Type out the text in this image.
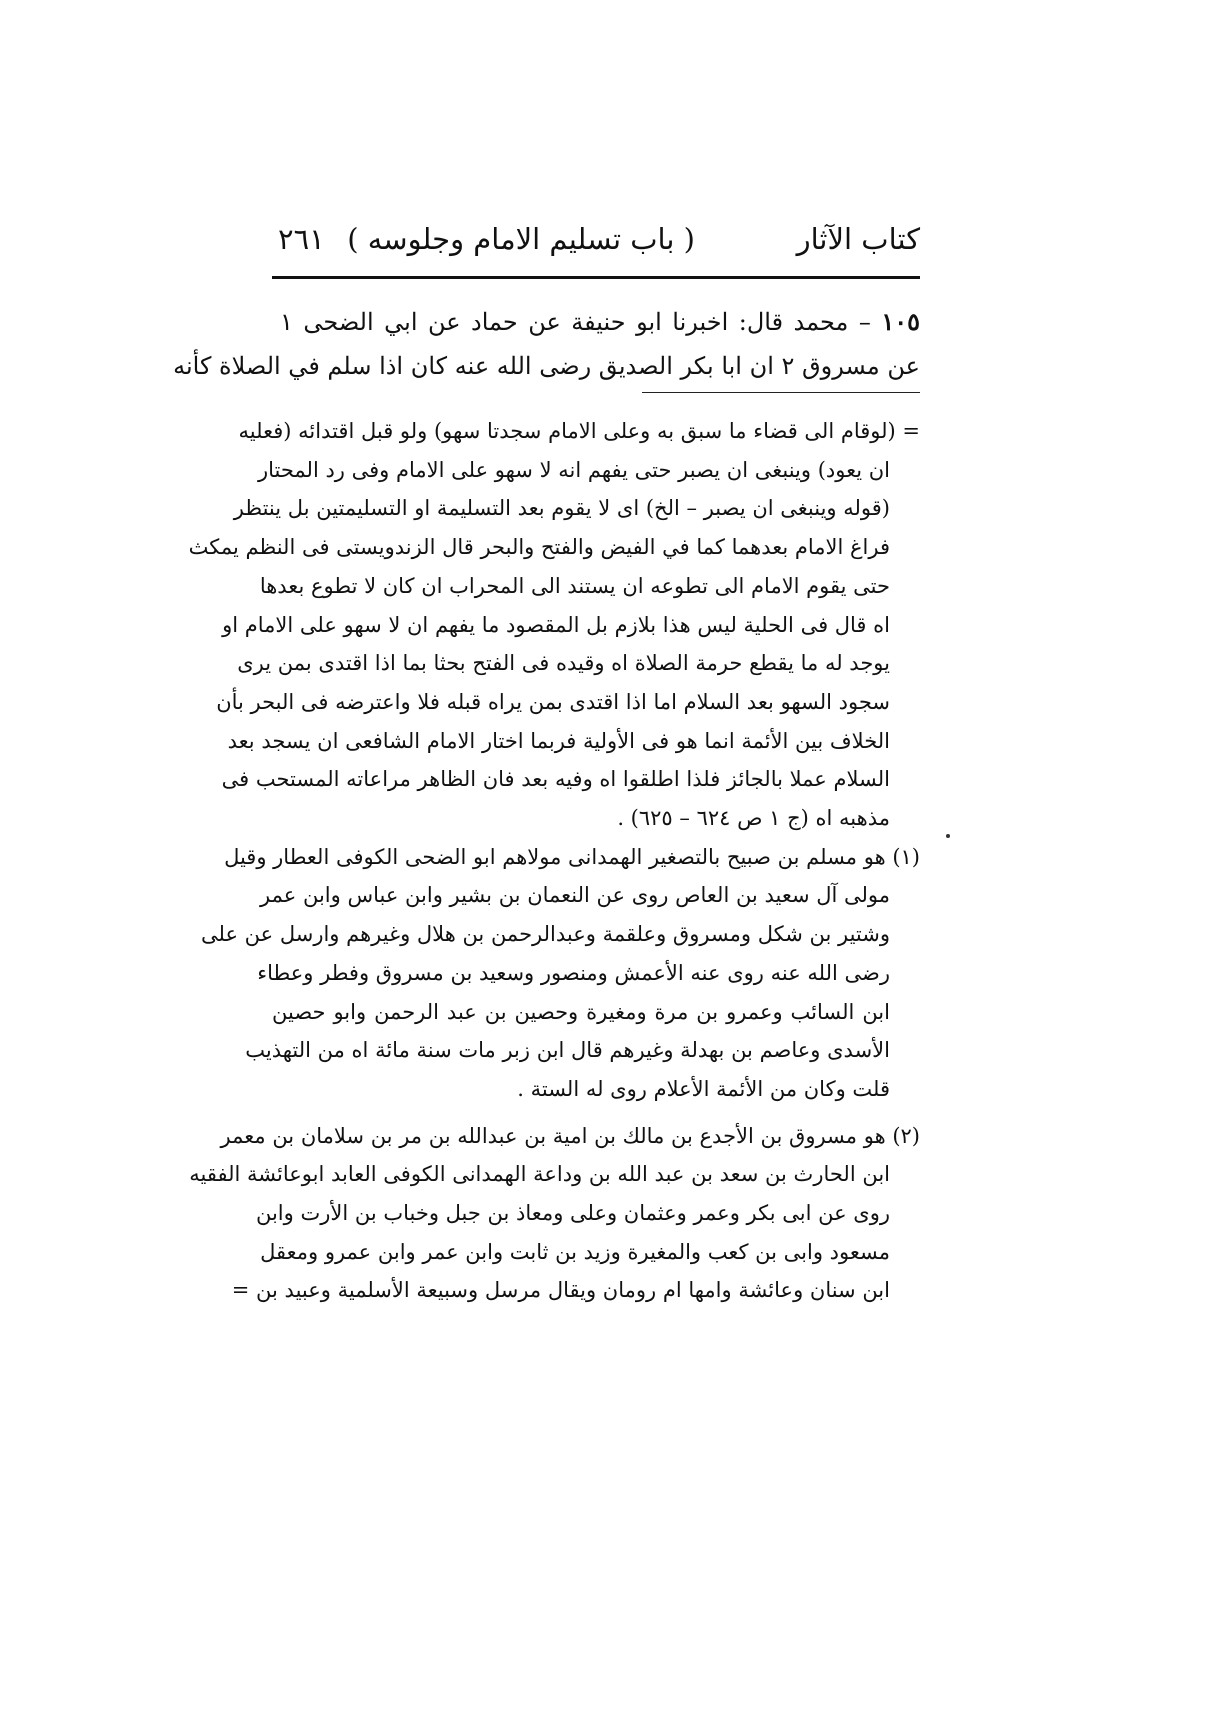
كتاب الآثار
( باب تسليم الامام وجلوسه )
٢٦١

١٠٥ – محمد قال: اخبرنا ابو حنيفة عن حماد عن ابي الضحى ١

عن مسروق ٢ ان ابا بكر الصديق رضى الله عنه كان اذا سلم في الصلاة كأنه

= (لوقام الى قضاء ما سبق به وعلى الامام سجدتا سهو) ولو قبل اقتدائه (فعليه

ان يعود) وينبغى ان يصبر حتى يفهم انه لا سهو على الامام وفى رد المحتار

(قوله وينبغى ان يصبر – الخ) اى لا يقوم بعد التسليمة او التسليمتين بل ينتظر

فراغ الامام بعدهما كما في الفيض والفتح والبحر قال الزندويستى فى النظم يمكث

حتى يقوم الامام الى تطوعه ان يستند الى المحراب ان كان لا تطوع بعدها

اه قال فى الحلية ليس هذا بلازم بل المقصود ما يفهم ان لا سهو على الامام او

يوجد له ما يقطع حرمة الصلاة اه وقيده فى الفتح بحثا بما اذا اقتدى بمن يرى

سجود السهو بعد السلام اما اذا اقتدى بمن يراه قبله فلا واعترضه فى البحر بأن

الخلاف بين الأئمة انما هو فى الأولية فربما اختار الامام الشافعى ان يسجد بعد

السلام عملا بالجائز فلذا اطلقوا اه وفيه بعد فان الظاهر مراعاته المستحب فى

مذهبه اه (ج ١ ص ٦٢٤ – ٦٢٥) .

(١) هو مسلم بن صبيح بالتصغير الهمدانى مولاهم ابو الضحى الكوفى العطار وقيل

مولى آل سعيد بن العاص روى عن النعمان بن بشير وابن عباس وابن عمر

وشتير بن شكل ومسروق وعلقمة وعبدالرحمن بن هلال وغيرهم وارسل عن على

رضى الله عنه روى عنه الأعمش ومنصور وسعيد بن مسروق وفطر وعطاء

ابن السائب وعمرو بن مرة ومغيرة وحصين بن عبد الرحمن وابو حصين

الأسدى وعاصم بن بهدلة وغيرهم قال ابن زبر مات سنة مائة اه من التهذيب

قلت وكان من الأئمة الأعلام روى له الستة .

(٢) هو مسروق بن الأجدع بن مالك بن امية بن عبدالله بن مر بن سلامان بن معمر

ابن الحارث بن سعد بن عبد الله بن وداعة الهمدانى الكوفى العابد ابوعائشة الفقيه

روى عن ابى بكر وعمر وعثمان وعلى ومعاذ بن جبل وخباب بن الأرت وابن

مسعود وابى بن كعب والمغيرة وزيد بن ثابت وابن عمر وابن عمرو ومعقل

ابن سنان وعائشة وامها ام رومان ويقال مرسل وسبيعة الأسلمية وعبيد بن =
